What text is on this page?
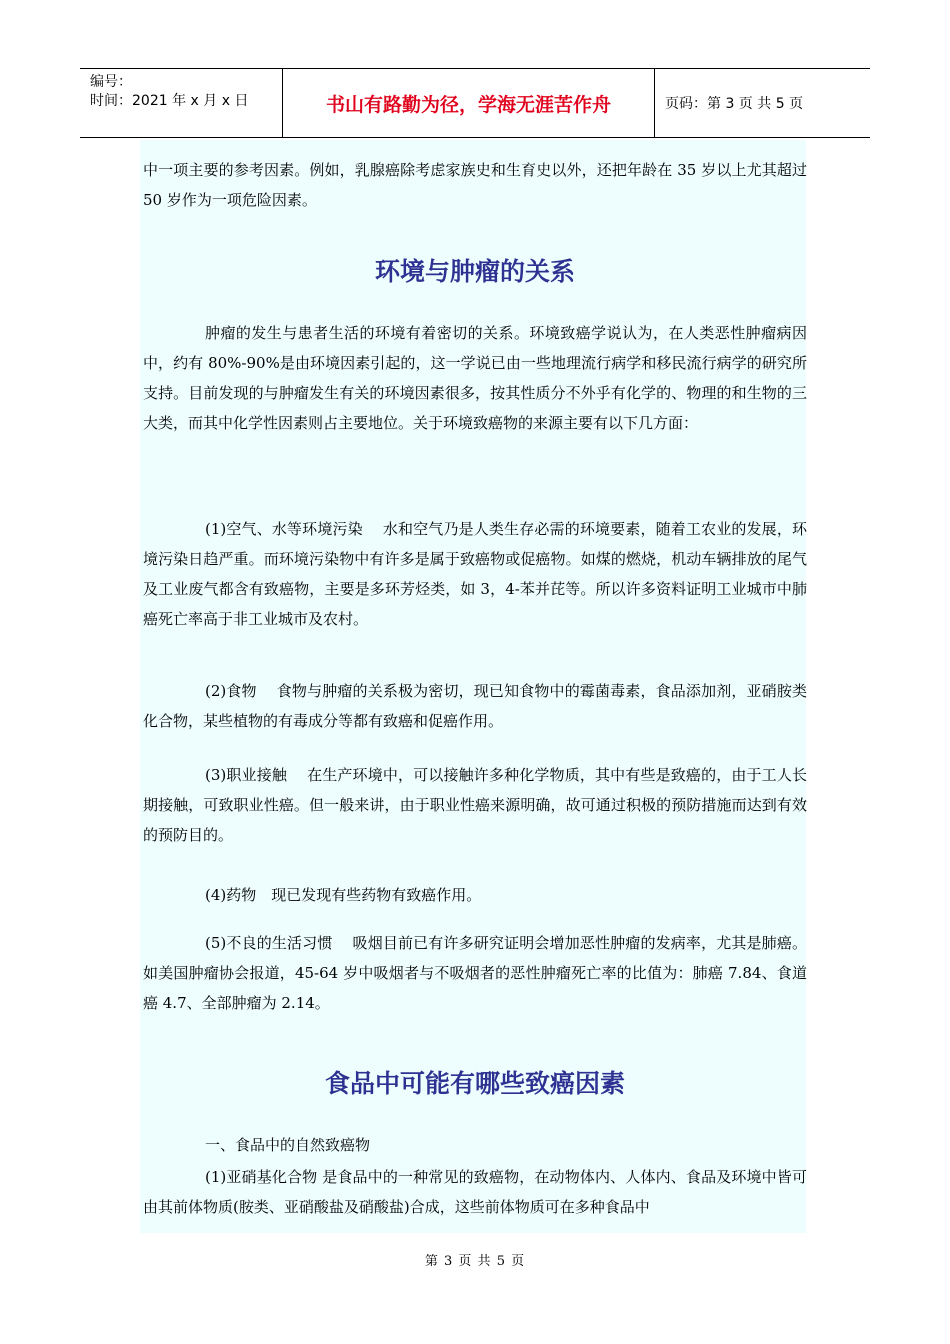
编号：
时间：2021 年 x 月 x 日	书山有路勤为径，学海无涯苦作舟	页码：第 3 页 共 5 页

中一项主要的参考因素。例如，乳腺癌除考虑家族史和生育史以外，还把年龄在 35 岁以上尤其超过 50 岁作为一项危险因素。

环境与肿瘤的关系

肿瘤的发生与患者生活的环境有着密切的关系。环境致癌学说认为，在人类恶性肿瘤病因中，约有 80%-90%是由环境因素引起的，这一学说已由一些地理流行病学和移民流行病学的研究所支持。目前发现的与肿瘤发生有关的环境因素很多，按其性质分不外乎有化学的、物理的和生物的三大类，而其中化学性因素则占主要地位。关于环境致癌物的来源主要有以下几方面：

(1)空气、水等环境污染　 水和空气乃是人类生存必需的环境要素，随着工农业的发展，环境污染日趋严重。而环境污染物中有许多是属于致癌物或促癌物。如煤的燃烧，机动车辆排放的尾气及工业废气都含有致癌物，主要是多环芳烃类，如 3，4-苯并芘等。所以许多资料证明工业城市中肺癌死亡率高于非工业城市及农村。

(2)食物　 食物与肿瘤的关系极为密切，现已知食物中的霉菌毒素，食品添加剂，亚硝胺类化合物，某些植物的有毒成分等都有致癌和促癌作用。

(3)职业接触　 在生产环境中，可以接触许多种化学物质，其中有些是致癌的，由于工人长期接触，可致职业性癌。但一般来讲，由于职业性癌来源明确，故可通过积极的预防措施而达到有效的预防目的。

(4)药物　现已发现有些药物有致癌作用。

(5)不良的生活习惯　 吸烟目前已有许多研究证明会增加恶性肿瘤的发病率，尤其是肺癌。如美国肿瘤协会报道，45-64 岁中吸烟者与不吸烟者的恶性肿瘤死亡率的比值为：肺癌 7.84、食道癌 4.7、全部肿瘤为 2.14。

食品中可能有哪些致癌因素

一、食品中的自然致癌物

(1)亚硝基化合物 是食品中的一种常见的致癌物，在动物体内、人体内、食品及环境中皆可由其前体物质(胺类、亚硝酸盐及硝酸盐)合成，这些前体物质可在多种食品中

第 3 页 共 5 页
